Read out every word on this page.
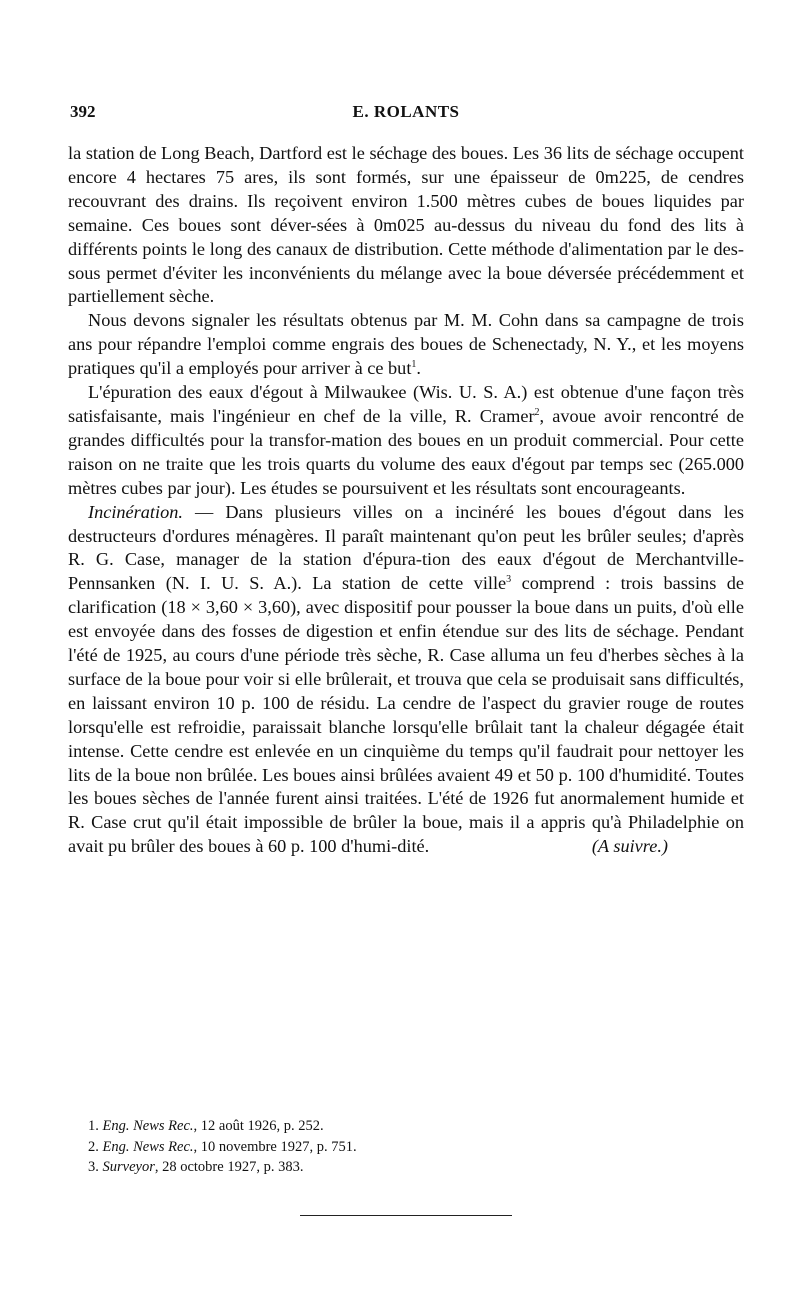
392	E. ROLANTS

la station de Long Beach, Dartford est le séchage des boues. Les 36 lits de séchage occupent encore 4 hectares 75 ares, ils sont formés, sur une épaisseur de 0m225, de cendres recouvrant des drains. Ils reçoivent environ 1.500 mètres cubes de boues liquides par semaine. Ces boues sont déver-sées à 0m025 au-dessus du niveau du fond des lits à différents points le long des canaux de distribution. Cette méthode d'alimentation par le des-sous permet d'éviter les inconvénients du mélange avec la boue déversée précédemment et partiellement sèche.

Nous devons signaler les résultats obtenus par M. M. Cohn dans sa campagne de trois ans pour répandre l'emploi comme engrais des boues de Schenectady, N. Y., et les moyens pratiques qu'il a employés pour arriver à ce but$^1$.

L'épuration des eaux d'égout à Milwaukee (Wis. U. S. A.) est obtenue d'une façon très satisfaisante, mais l'ingénieur en chef de la ville, R. Cramer$^2$, avoue avoir rencontré de grandes difficultés pour la transfor-mation des boues en un produit commercial. Pour cette raison on ne traite que les trois quarts du volume des eaux d'égout par temps sec (265.000 mètres cubes par jour). Les études se poursuivent et les résultats sont encourageants.

Incinération. — Dans plusieurs villes on a incinéré les boues d'égout dans les destructeurs d'ordures ménagères. Il paraît maintenant qu'on peut les brûler seules; d'après R. G. Case, manager de la station d'épura-tion des eaux d'égout de Merchantville-Pennsanken (N. I. U. S. A.). La station de cette ville$^3$ comprend : trois bassins de clarification (18 × 3,60 × 3,60), avec dispositif pour pousser la boue dans un puits, d'où elle est envoyée dans des fosses de digestion et enfin étendue sur des lits de séchage. Pendant l'été de 1925, au cours d'une période très sèche, R. Case alluma un feu d'herbes sèches à la surface de la boue pour voir si elle brûlerait, et trouva que cela se produisait sans difficultés, en laissant environ 10 p. 100 de résidu. La cendre de l'aspect du gravier rouge de routes lorsqu'elle est refroidie, paraissait blanche lorsqu'elle brûlait tant la chaleur dégagée était intense. Cette cendre est enlevée en un cinquième du temps qu'il faudrait pour nettoyer les lits de la boue non brûlée. Les boues ainsi brûlées avaient 49 et 50 p. 100 d'humidité. Toutes les boues sèches de l'année furent ainsi traitées. L'été de 1926 fut anormalement humide et R. Case crut qu'il était impossible de brûler la boue, mais il a appris qu'à Philadelphie on avait pu brûler des boues à 60 p. 100 d'humi-dité.	(A suivre.)

1. Eng. News Rec., 12 août 1926, p. 252.

2. Eng. News Rec., 10 novembre 1927, p. 751.

3. Surveyor, 28 octobre 1927, p. 383.
